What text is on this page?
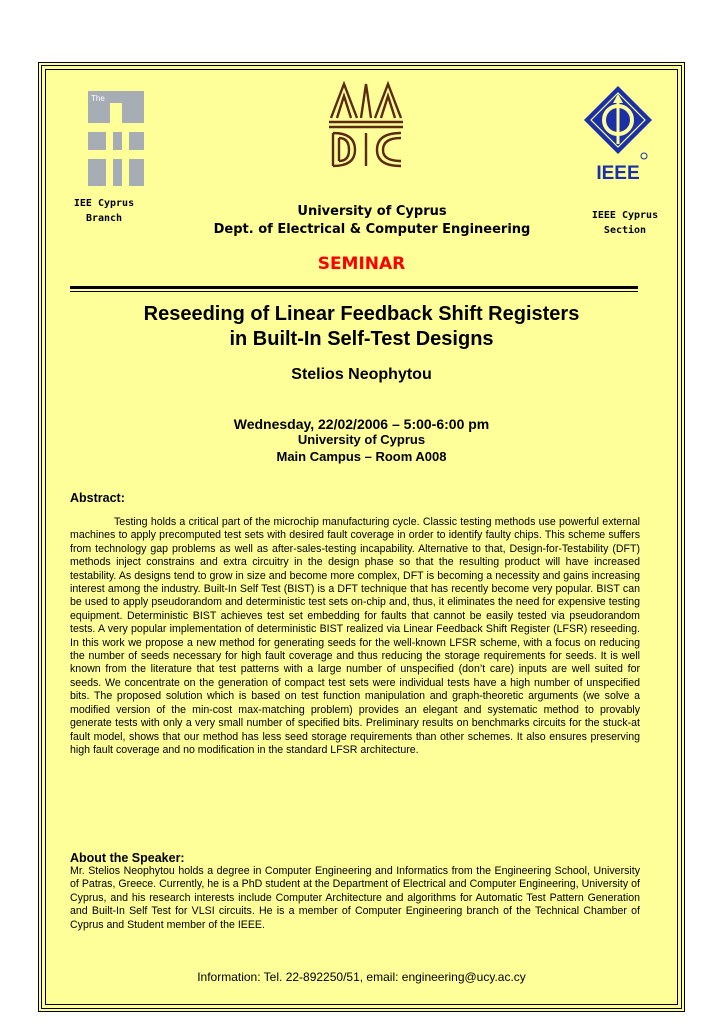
The
IEEE
IEE Cyprus
Branch	University of Cyprus
Dept. of Electrical & Computer Engineering
IEEE Cyprus
Section
SEMINAR
Reseeding of Linear Feedback Shift Registers
in Built-In Self-Test Designs
Stelios Neophytou
Wednesday, 22/02/2006 – 5:00-6:00 pm
University of Cyprus
Main Campus – Room A008
Abstract:

Testing holds a critical part of the microchip manufacturing cycle. Classic testing methods use powerful external machines to apply precomputed test sets with desired fault coverage in order to identify faulty chips. This scheme suffers from technology gap problems as well as after-sales-testing incapability. Alternative to that, Design-for-Testability (DFT) methods inject constrains and extra circuitry in the design phase so that the resulting product will have increased testability. As designs tend to grow in size and become more complex, DFT is becoming a necessity and gains increasing interest among the industry. Built-In Self Test (BIST) is a DFT technique that has recently become very popular. BIST can be used to apply pseudorandom and deterministic test sets on-chip and, thus, it eliminates the need for expensive testing equipment. Deterministic BIST achieves test set embedding for faults that cannot be easily tested via pseudorandom tests. A very popular implementation of deterministic BIST realized via Linear Feedback Shift Register (LFSR) reseeding. In this work we propose a new method for generating seeds for the well-known LFSR scheme, with a focus on reducing the number of seeds necessary for high fault coverage and thus reducing the storage requirements for seeds. It is well known from the literature that test patterns with a large number of unspecified (don’t care) inputs are well suited for seeds. We concentrate on the generation of compact test sets were individual tests have a high number of unspecified bits. The proposed solution which is based on test function manipulation and graph-theoretic arguments (we solve a modified version of the min-cost max-matching problem) provides an elegant and systematic method to provably generate tests with only a very small number of specified bits. Preliminary results on benchmarks circuits for the stuck-at fault model, shows that our method has less seed storage requirements than other schemes. It also ensures preserving high fault coverage and no modification in the standard LFSR architecture.

About the Speaker:

Mr. Stelios Neophytou holds a degree in Computer Engineering and Informatics from the Engineering School, University of Patras, Greece. Currently, he is a PhD student at the Department of Electrical and Computer Engineering, University of Cyprus, and his research interests include Computer Architecture and algorithms for Automatic Test Pattern Generation and Built-In Self Test for VLSI circuits. He is a member of Computer Engineering branch of the Technical Chamber of Cyprus and Student member of the IEEE.

Information: Tel. 22-892250/51, email: engineering@ucy.ac.cy
